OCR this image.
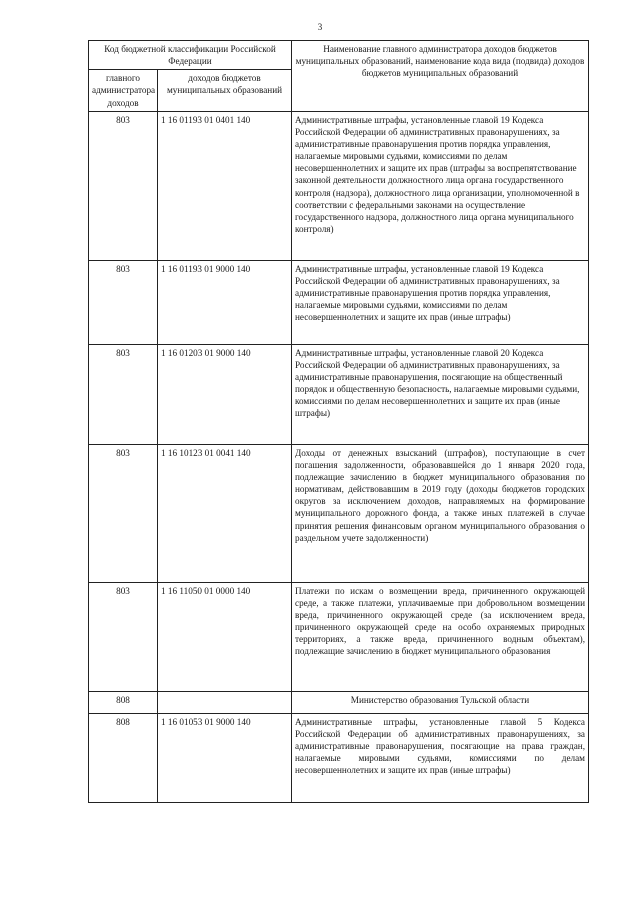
3
Код бюджетной классификации Российской Федерации		Наименование главного администратора доходов бюджетов муниципальных образований, наименование кода вида (подвида) доходов бюджетов муниципальных образований
главного администратора доходов	доходов бюджетов муниципальных образований	
803	1 16 01193 01 0401 140	Административные штрафы, установленные главой 19 Кодекса Российской Федерации об административных правонарушениях, за административные правонарушения против порядка управления, налагаемые мировыми судьями, комиссиями по делам несовершеннолетних и защите их прав (штрафы за воспрепятствование законной деятельности должностного лица органа государственного контроля (надзора), должностного лица организации, уполномоченной в соответствии с федеральными законами на осуществление государственного надзора, должностного лица органа муниципального контроля)
803	1 16 01193 01 9000 140	Административные штрафы, установленные главой 19 Кодекса Российской Федерации об административных правонарушениях, за административные правонарушения против порядка управления, налагаемые мировыми судьями, комиссиями по делам несовершеннолетних и защите их прав (иные штрафы)
803	1 16 01203 01 9000 140	Административные штрафы, установленные главой 20 Кодекса Российской Федерации об административных правонарушениях, за административные правонарушения, посягающие на общественный порядок и общественную безопасность, налагаемые мировыми судьями, комиссиями по делам несовершеннолетних и защите их прав (иные штрафы)
803	1 16 10123 01 0041 140	Доходы от денежных взысканий (штрафов), поступающие в счет погашения задолженности, образовавшейся до 1 января 2020 года, подлежащие зачислению в бюджет муниципального образования по нормативам, действовавшим в 2019 году (доходы бюджетов городских округов за исключением доходов, направляемых на формирование муниципального дорожного фонда, а также иных платежей в случае принятия решения финансовым органом муниципального образования о раздельном учете задолженности)
803	1 16 11050 01 0000 140	Платежи по искам о возмещении вреда, причиненного окружающей среде, а также платежи, уплачиваемые при добровольном возмещении вреда, причиненного окружающей среде (за исключением вреда, причиненного окружающей среде на особо охраняемых природных территориях, а также вреда, причиненного водным объектам), подлежащие зачислению в бюджет муниципального образования
808		Министерство образования Тульской области
808	1 16 01053 01 9000 140	Административные штрафы, установленные главой 5 Кодекса Российской Федерации об административных правонарушениях, за административные правонарушения, посягающие на права граждан, налагаемые мировыми судьями, комиссиями по делам несовершеннолетних и защите их прав (иные штрафы)
